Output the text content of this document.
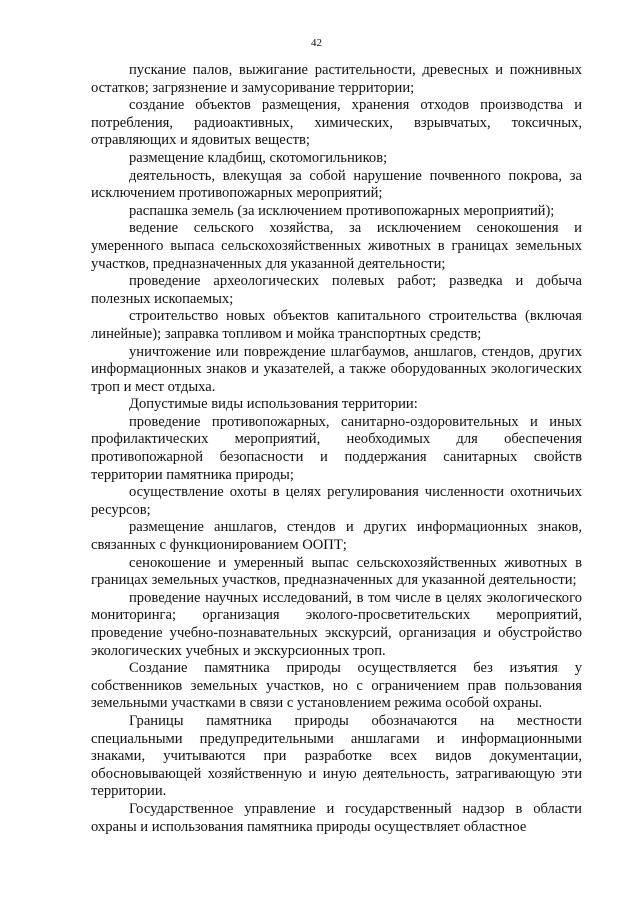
42

пускание палов, выжигание растительности, древесных и пожнивных остатков; загрязнение и замусоривание территории;

создание объектов размещения, хранения отходов производства и потребления, радиоактивных, химических, взрывчатых, токсичных, отравляющих и ядовитых веществ;

размещение кладбищ, скотомогильников;

деятельность, влекущая за собой нарушение почвенного покрова, за исключением противопожарных мероприятий;

распашка земель (за исключением противопожарных мероприятий);

ведение сельского хозяйства, за исключением сенокошения и умеренного выпаса сельскохозяйственных животных в границах земельных участков, предназначенных для указанной деятельности;

проведение археологических полевых работ; разведка и добыча полезных ископаемых;

строительство новых объектов капитального строительства (включая линейные); заправка топливом и мойка транспортных средств;

уничтожение или повреждение шлагбаумов, аншлагов, стендов, других информационных знаков и указателей, а также оборудованных экологических троп и мест отдыха.

Допустимые виды использования территории:

проведение противопожарных, санитарно-оздоровительных и иных профилактических мероприятий, необходимых для обеспечения противопожарной безопасности и поддержания санитарных свойств территории памятника природы;

осуществление охоты в целях регулирования численности охотничьих ресурсов;

размещение аншлагов, стендов и других информационных знаков, связанных с функционированием ООПТ;

сенокошение и умеренный выпас сельскохозяйственных животных в границах земельных участков, предназначенных для указанной деятельности;

проведение научных исследований, в том числе в целях экологического мониторинга; организация эколого-просветительских мероприятий, проведение учебно-познавательных экскурсий, организация и обустройство экологических учебных и экскурсионных троп.

Создание памятника природы осуществляется без изъятия у собственников земельных участков, но с ограничением прав пользования земельными участками в связи с установлением режима особой охраны.

Границы памятника природы обозначаются на местности специальными предупредительными аншлагами и информационными знаками, учитываются при разработке всех видов документации, обосновывающей хозяйственную и иную деятельность, затрагивающую эти территории.

Государственное управление и государственный надзор в области охраны и использования памятника природы осуществляет областное
